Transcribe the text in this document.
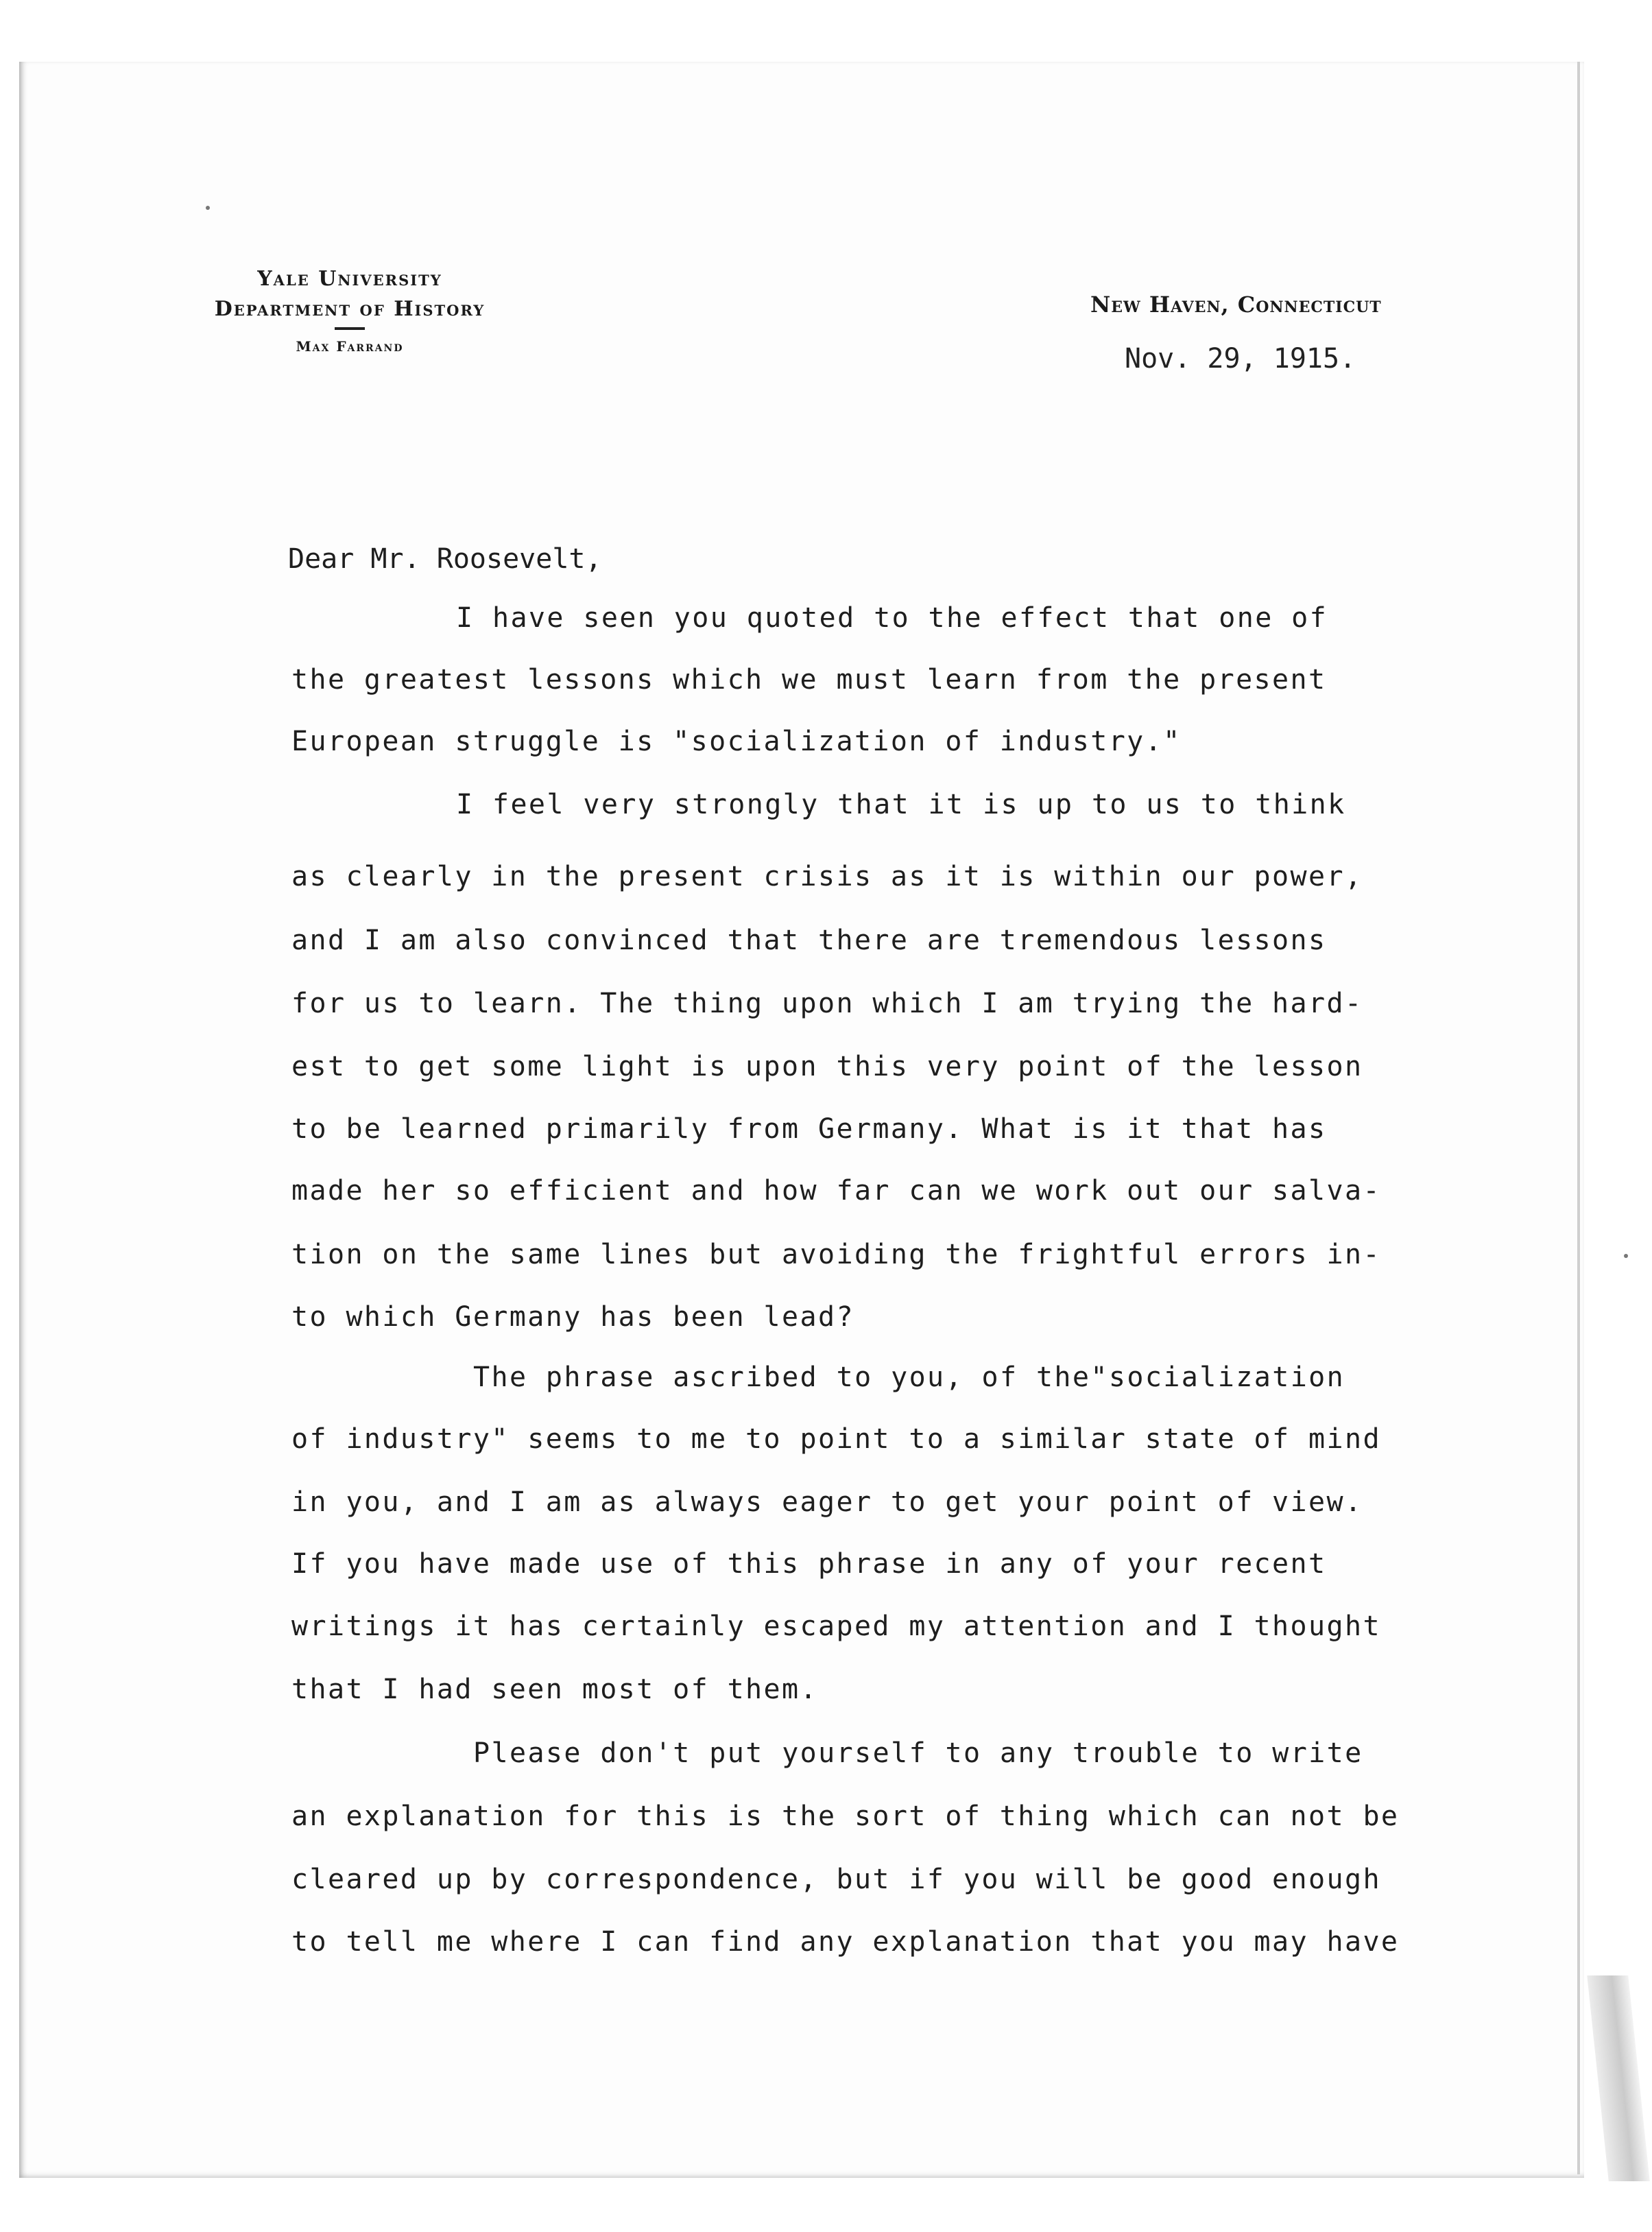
Yale University
Department of History
Max Farrand
New Haven, Connecticut
Nov. 29, 1915.
Dear Mr. Roosevelt,
I have seen you quoted to the effect that one of
the greatest lessons which we must learn from the present
European struggle is "socialization of industry."
I feel very strongly that it is up to us to think
as clearly in the present crisis as it is within our power,
and I am also convinced that there are tremendous lessons
for us to learn. The thing upon which I am trying the hard-
est to get some light is upon this very point of the lesson
to be learned primarily from Germany. What is it that has
made her so efficient and how far can we work out our salva-
tion on the same lines but avoiding the frightful errors in-
to which Germany has been lead?
The phrase ascribed to you, of the"socialization
of industry" seems to me to point to a similar state of mind
in you, and I am as always eager to get your point of view.
If you have made use of this phrase in any of your recent
writings it has certainly escaped my attention and I thought
that I had seen most of them.
Please don't put yourself to any trouble to write
an explanation for this is the sort of thing which can not be
cleared up by correspondence, but if you will be good enough
to tell me where I can find any explanation that you may have
